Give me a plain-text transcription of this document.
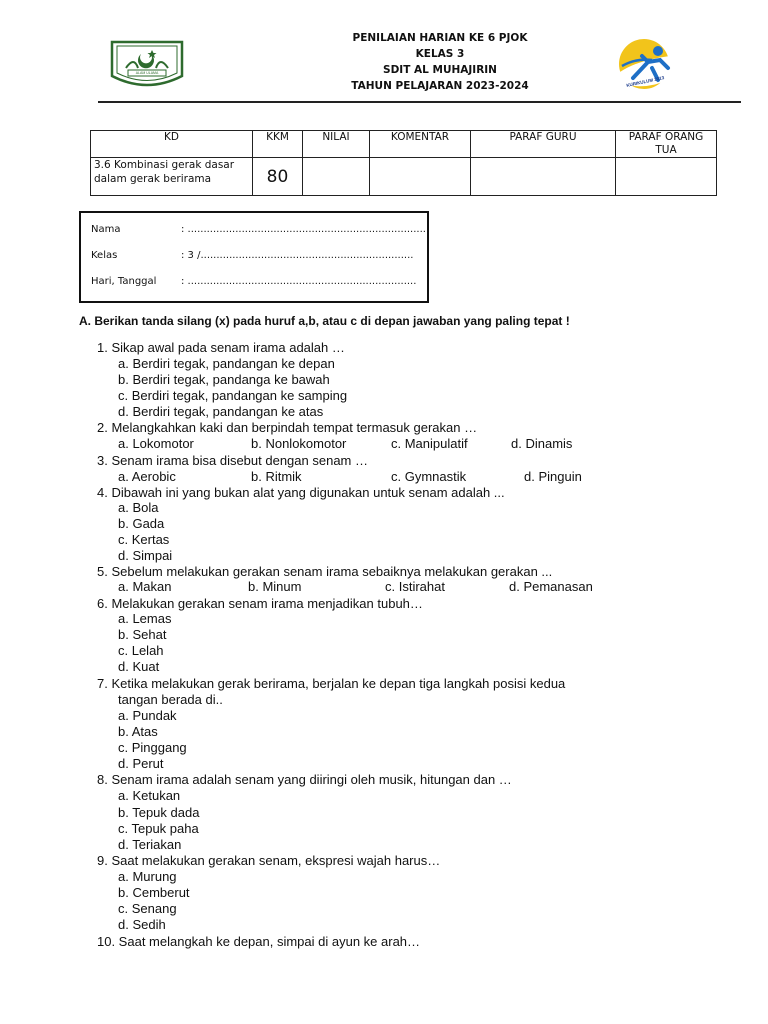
ALAM ULAMA
PENILAIAN HARIAN KE 6 PJOK
KELAS 3
SDIT AL MUHAJIRIN
TAHUN PELAJARAN 2023-2024	KURIKULUM 2013
KD	KKM	NILAI	KOMENTAR	PARAF GURU	PARAF ORANG TUA
3.6 Kombinasi gerak dasar dalam gerak berirama	80				
Nama	: ............................................................................
Kelas	: 3 /...................................................................
Hari, Tanggal	: ........................................................................
A. Berikan tanda silang (x) pada huruf a,b, atau c di depan jawaban yang paling tepat !
1. Sikap awal pada senam irama adalah …
a. Berdiri tegak, pandangan ke depan
b. Berdiri tegak, pandanga ke bawah
c. Berdiri tegak, pandangan ke samping
d. Berdiri tegak, pandangan ke atas
2. Melangkahkan kaki dan berpindah tempat termasuk gerakan …
a. Lokomotor	b. Nonlokomotor	c. Manipulatif	d. Dinamis
3. Senam irama bisa disebut dengan senam …
a. Aerobic	b. Ritmik	c. Gymnastik	d. Pinguin
4. Dibawah ini yang bukan alat yang digunakan untuk senam adalah ...
a. Bola
b. Gada
c. Kertas
d. Simpai
5. Sebelum melakukan gerakan senam irama sebaiknya melakukan gerakan ...
a. Makan	b. Minum	c. Istirahat	d. Pemanasan
6. Melakukan gerakan senam irama menjadikan tubuh…
a. Lemas
b. Sehat
c. Lelah
d. Kuat
7. Ketika melakukan gerak berirama, berjalan ke depan tiga langkah posisi kedua
tangan berada di..
a. Pundak
b. Atas
c. Pinggang
d. Perut
8. Senam irama adalah senam yang diiringi oleh musik, hitungan dan …
a. Ketukan
b. Tepuk dada
c. Tepuk paha
d. Teriakan
9. Saat melakukan gerakan senam, ekspresi wajah harus…
a. Murung
b. Cemberut
c. Senang
d. Sedih
10. Saat melangkah ke depan, simpai di ayun ke arah…
